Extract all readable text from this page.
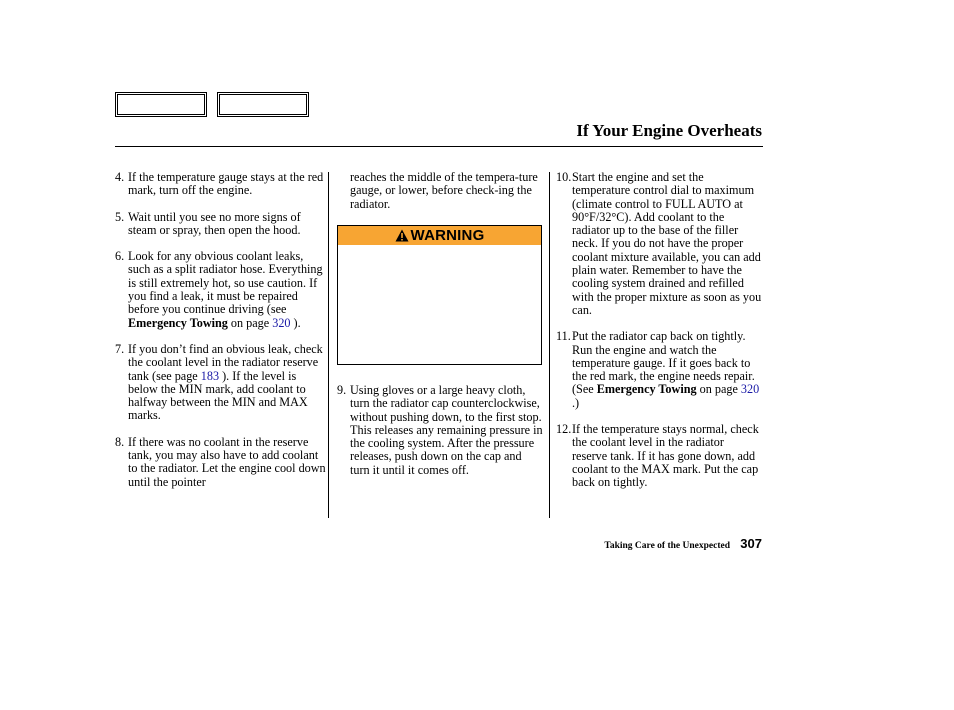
If Your Engine Overheats
4. If the temperature gauge stays at the red mark, turn off the engine.
5. Wait until you see no more signs of steam or spray, then open the hood.
6. Look for any obvious coolant leaks, such as a split radiator hose. Everything is still extremely hot, so use caution. If you find a leak, it must be repaired before you continue driving (see Emergency Towing on page 320 ).
7. If you don’t find an obvious leak, check the coolant level in the radiator reserve tank (see page 183 ). If the level is below the MIN mark, add coolant to halfway between the MIN and MAX marks.
8. If there was no coolant in the reserve tank, you may also have to add coolant to the radiator. Let the engine cool down until the pointer
reaches the middle of the tempera-ture gauge, or lower, before check-ing the radiator.
WARNING
9. Using gloves or a large heavy cloth, turn the radiator cap counterclockwise, without pushing down, to the first stop. This releases any remaining pressure in the cooling system. After the pressure releases, push down on the cap and turn it until it comes off.
10. Start the engine and set the temperature control dial to maximum (climate control to FULL AUTO at 90°F/32°C). Add coolant to the radiator up to the base of the filler neck. If you do not have the proper coolant mixture available, you can add plain water. Remember to have the cooling system drained and refilled with the proper mixture as soon as you can.
11. Put the radiator cap back on tightly. Run the engine and watch the temperature gauge. If it goes back to the red mark, the engine needs repair. (See Emergency Towing on page 320 .)
12. If the temperature stays normal, check the coolant level in the radiator reserve tank. If it has gone down, add coolant to the MAX mark. Put the cap back on tightly.
Taking Care of the Unexpected 307
